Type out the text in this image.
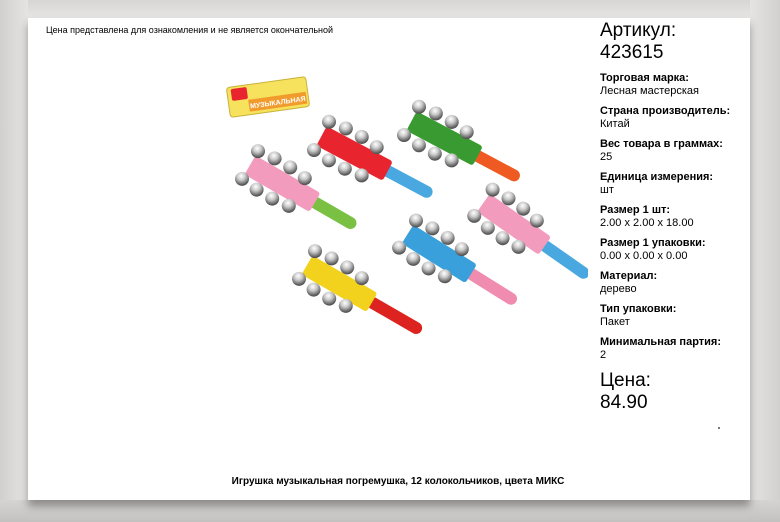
Цена представлена для ознакомления и не является окончательной
МУЗЫКАЛЬНАЯ

Артикул:

423615

Торговая марка:
Лесная мастерская
Страна производитель:
Китай
Вес товара в граммах:
25
Единица измерения:
шт
Размер 1 шт:
2.00 x 2.00 x 18.00
Размер 1 упаковки:
0.00 x 0.00 x 0.00
Материал:
дерево
Тип упаковки:
Пакет
Минимальная партия:
2

Цена:

84.90

Игрушка музыкальная погремушка, 12 колокольчиков, цвета МИКС
